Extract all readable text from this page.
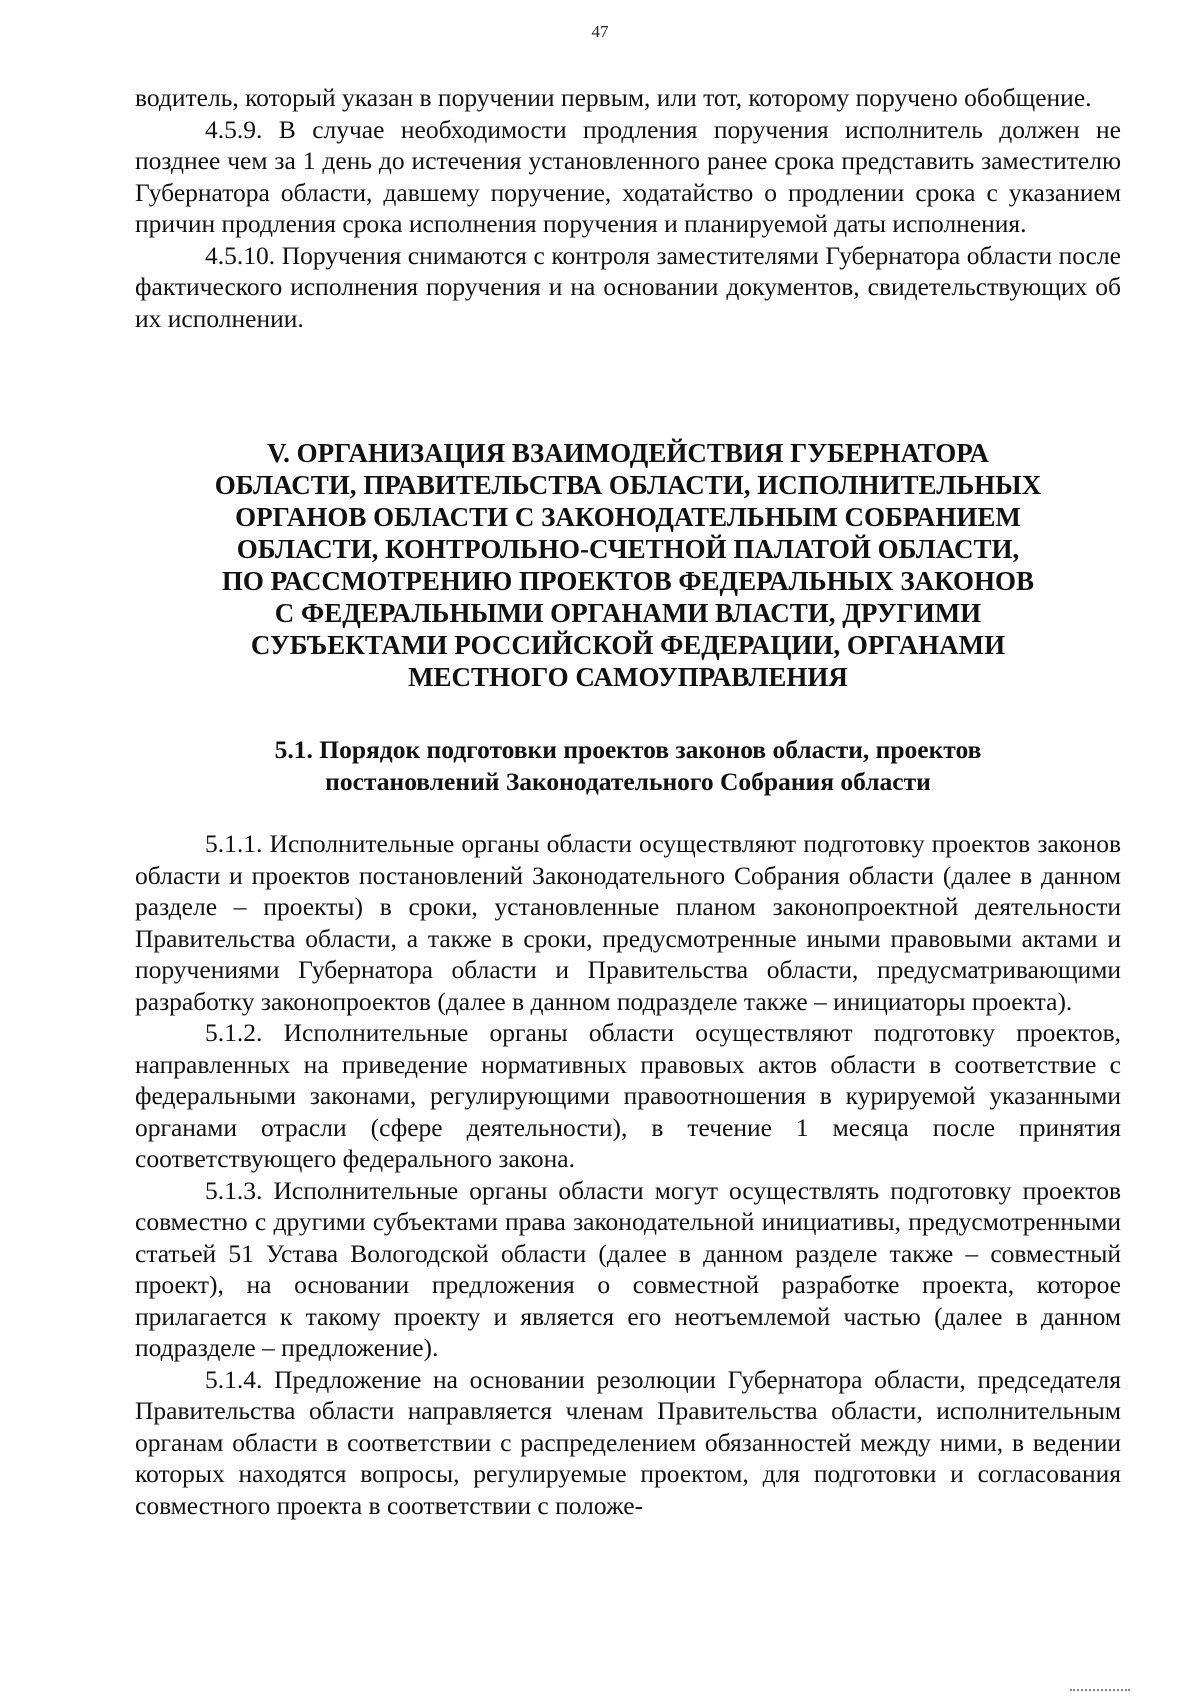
47

водитель, который указан в поручении первым, или тот, которому поручено обобщение.

4.5.9. В случае необходимости продления поручения исполнитель должен не позднее чем за 1 день до истечения установленного ранее срока представить заместителю Губернатора области, давшему поручение, ходатайство о продлении срока с указанием причин продления срока исполнения поручения и планируемой даты исполнения.

4.5.10. Поручения снимаются с контроля заместителями Губернатора области после фактического исполнения поручения и на основании документов, свидетельствующих об их исполнении.

V. ОРГАНИЗАЦИЯ ВЗАИМОДЕЙСТВИЯ ГУБЕРНАТОРА
ОБЛАСТИ, ПРАВИТЕЛЬСТВА ОБЛАСТИ, ИСПОЛНИТЕЛЬНЫХ
ОРГАНОВ ОБЛАСТИ С ЗАКОНОДАТЕЛЬНЫМ СОБРАНИЕМ
ОБЛАСТИ, КОНТРОЛЬНО-СЧЕТНОЙ ПАЛАТОЙ ОБЛАСТИ,
ПО РАССМОТРЕНИЮ ПРОЕКТОВ ФЕДЕРАЛЬНЫХ ЗАКОНОВ
С ФЕДЕРАЛЬНЫМИ ОРГАНАМИ ВЛАСТИ, ДРУГИМИ
СУБЪЕКТАМИ РОССИЙСКОЙ ФЕДЕРАЦИИ, ОРГАНАМИ
МЕСТНОГО САМОУПРАВЛЕНИЯ
5.1. Порядок подготовки проектов законов области, проектов
постановлений Законодательного Собрания области

5.1.1. Исполнительные органы области осуществляют подготовку проектов законов области и проектов постановлений Законодательного Собрания области (далее в данном разделе – проекты) в сроки, установленные планом законопроектной деятельности Правительства области, а также в сроки, предусмотренные иными правовыми актами и поручениями Губернатора области и Правительства области, предусматривающими разработку законопроектов (далее в данном подразделе также – инициаторы проекта).

5.1.2. Исполнительные органы области осуществляют подготовку проектов, направленных на приведение нормативных правовых актов области в соответствие с федеральными законами, регулирующими правоотношения в курируемой указанными органами отрасли (сфере деятельности), в течение 1 месяца после принятия соответствующего федерального закона.

5.1.3. Исполнительные органы области могут осуществлять подготовку проектов совместно с другими субъектами права законодательной инициативы, предусмотренными статьей 51 Устава Вологодской области (далее в данном разделе также – совместный проект), на основании предложения о совместной разработке проекта, которое прилагается к такому проекту и является его неотъемлемой частью (далее в данном подразделе – предложение).

5.1.4. Предложение на основании резолюции Губернатора области, председателя Правительства области направляется членам Правительства области, исполнительным органам области в соответствии с распределением обязанностей между ними, в ведении которых находятся вопросы, регулируемые проектом, для подготовки и согласования совместного проекта в соответствии с положе-
